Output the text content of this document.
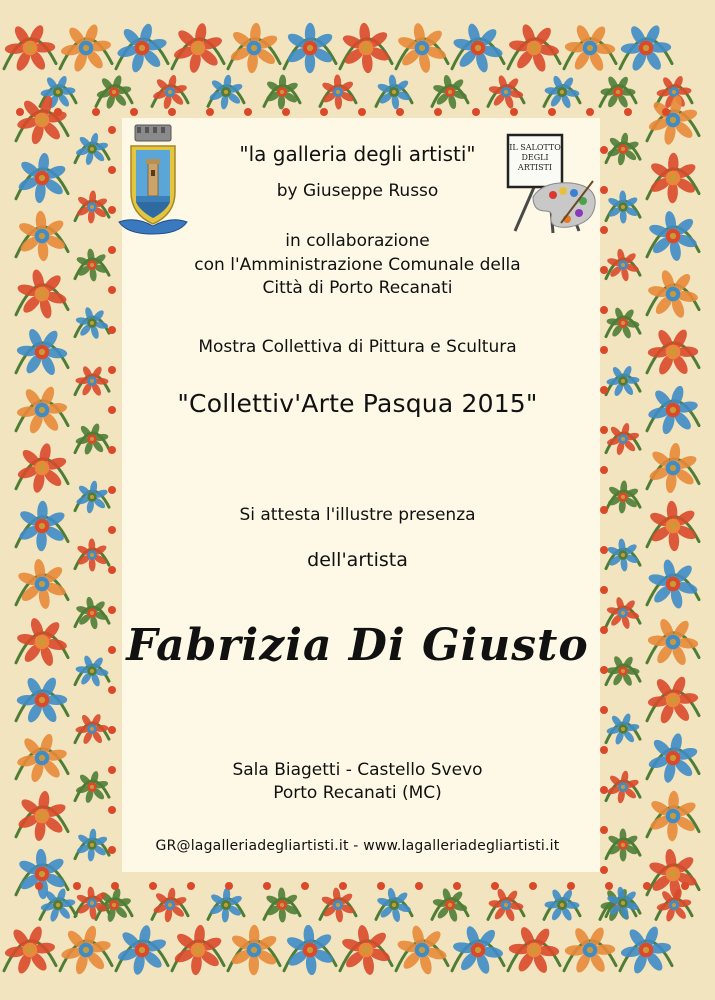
IL SALOTTO
DEGLI
ARTISTI
"la galleria degli artisti"
by Giuseppe Russo
in collaborazione
con l'Amministrazione Comunale della
Città di Porto Recanati
Mostra Collettiva di Pittura e Scultura
"Collettiv'Arte Pasqua 2015"
Si attesta l'illustre presenza
dell'artista
Fabrizia Di Giusto
Sala Biagetti - Castello Svevo
Porto Recanati (MC)
GR@lagalleriadegliartisti.it - www.lagalleriadegliartisti.it
